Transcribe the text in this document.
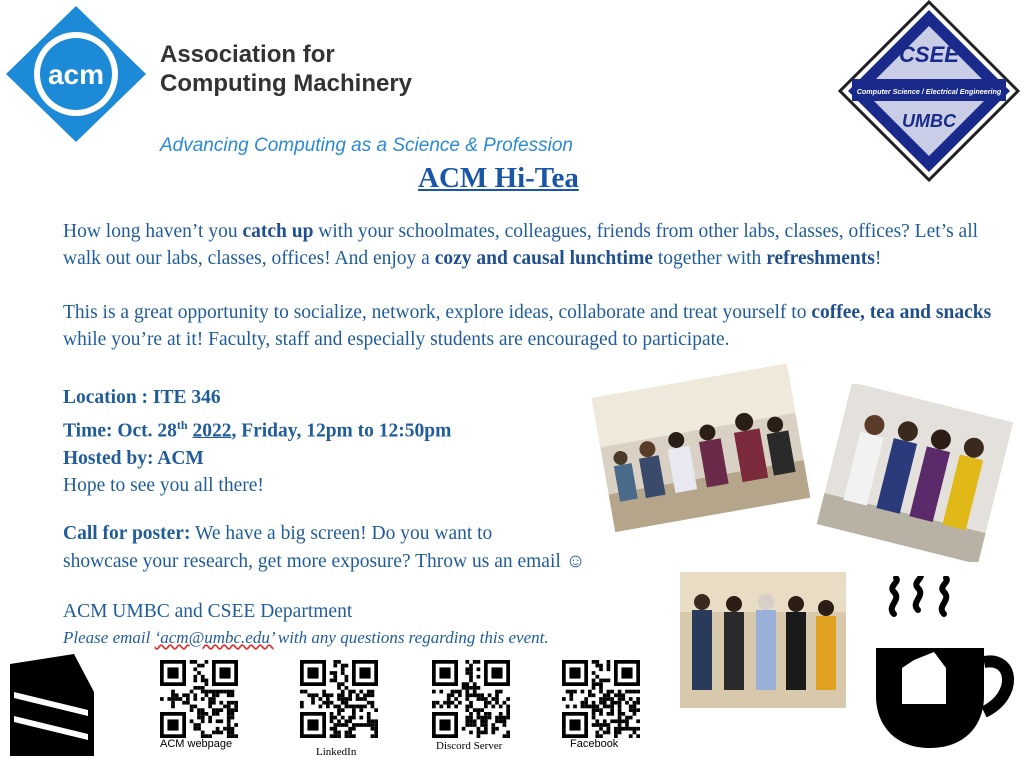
acm
Association for
Computing Machinery
Advancing Computing as a Science & Profession
CSEE
Computer Science / Electrical Engineering
UMBC
ACM Hi-Tea
How long haven’t you catch up with your schoolmates, colleagues, friends from other labs, classes, offices? Let’s all walk out our labs, classes, offices! And enjoy a cozy and causal lunchtime together with refreshments!
This is a great opportunity to socialize, network, explore ideas, collaborate and treat yourself to coffee, tea and snacks while you’re at it! Faculty, staff and especially students are encouraged to participate.
Location : ITE 346
Time: Oct. 28th 2022, Friday, 12pm to 12:50pm
Hosted by: ACM
Hope to see you all there!
Call for poster: We have a big screen! Do you want to
showcase your research, get more exposure? Throw us an email ☺
ACM UMBC and CSEE Department
Please email ‘acm@umbc.edu’ with any questions regarding this event.
ACM webpage
LinkedIn	Discord Server	Facebook
